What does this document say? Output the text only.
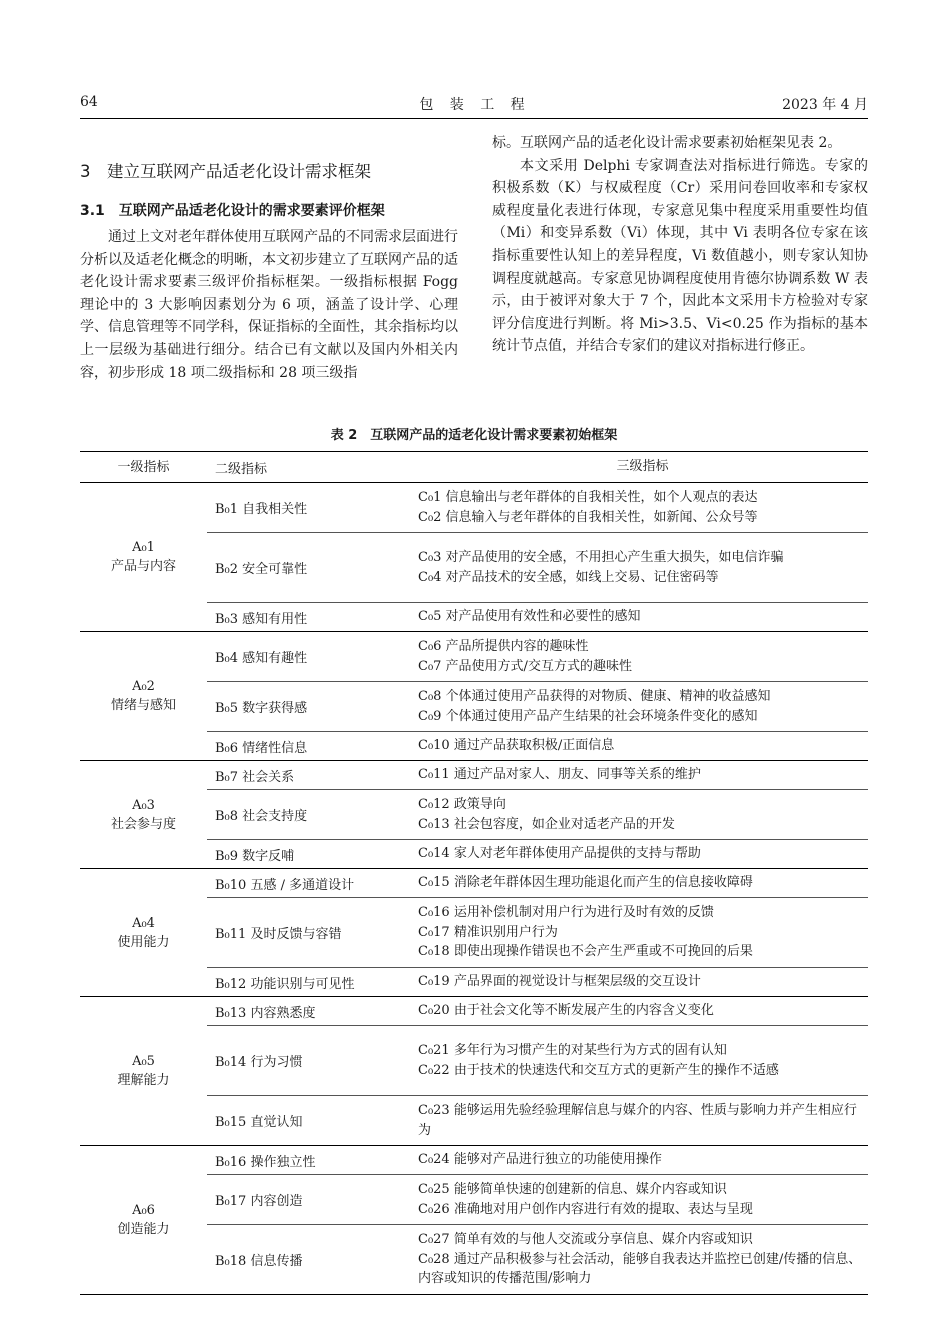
64	包 装 工 程	2023 年 4 月
3　建立互联网产品适老化设计需求框架
3.1　互联网产品适老化设计的需求要素评价框架

通过上文对老年群体使用互联网产品的不同需求层面进行分析以及适老化概念的明晰，本文初步建立了互联网产品的适老化设计需求要素三级评价指标框架。一级指标根据 Fogg 理论中的 3 大影响因素划分为 6 项，涵盖了设计学、心理学、信息管理等不同学科，保证指标的全面性，其余指标均以上一层级为基础进行细分。结合已有文献以及国内外相关内容，初步形成 18 项二级指标和 28 项三级指

标。互联网产品的适老化设计需求要素初始框架见表 2。

本文采用 Delphi 专家调查法对指标进行筛选。专家的积极系数（K）与权威程度（Cr）采用问卷回收率和专家权威程度量化表进行体现，专家意见集中程度采用重要性均值（Mi）和变异系数（Vi）体现，其中 Vi 表明各位专家在该指标重要性认知上的差异程度，Vi 数值越小，则专家认知协调程度就越高。专家意见协调程度使用肯德尔协调系数 W 表示，由于被评对象大于 7 个，因此本文采用卡方检验对专家评分信度进行判断。将 Mi>3.5、Vi<0.25 作为指标的基本统计节点值，并结合专家们的建议对指标进行修正。

表 2　互联网产品的适老化设计需求要素初始框架
一级指标	二级指标	三级指标

A₀1
产品与内容	B₀1 自我相关性	C₀1 信息输出与老年群体的自我相关性，如个人观点的表达
C₀2 信息输入与老年群体的自我相关性，如新闻、公众号等

	B₀2 安全可靠性	C₀3 对产品使用的安全感，不用担心产生重大损失，如电信诈骗
C₀4 对产品技术的安全感，如线上交易、记住密码等

	B₀3 感知有用性	C₀5 对产品使用有效性和必要性的感知

A₀2
情绪与感知	B₀4 感知有趣性	C₀6 产品所提供内容的趣味性
C₀7 产品使用方式/交互方式的趣味性

	B₀5 数字获得感	C₀8 个体通过使用产品获得的对物质、健康、精神的收益感知
C₀9 个体通过使用产品产生结果的社会环境条件变化的感知

	B₀6 情绪性信息	C₀10 通过产品获取积极/正面信息

A₀3
社会参与度	B₀7 社会关系	C₀11 通过产品对家人、朋友、同事等关系的维护

	B₀8 社会支持度	C₀12 政策导向
C₀13 社会包容度，如企业对适老产品的开发

	B₀9 数字反哺	C₀14 家人对老年群体使用产品提供的支持与帮助

A₀4
使用能力	B₀10 五感 / 多通道设计	C₀15 消除老年群体因生理功能退化而产生的信息接收障碍

	B₀11 及时反馈与容错	C₀16 运用补偿机制对用户行为进行及时有效的反馈
C₀17 精准识别用户行为
C₀18 即使出现操作错误也不会产生严重或不可挽回的后果

	B₀12 功能识别与可见性	C₀19 产品界面的视觉设计与框架层级的交互设计

A₀5
理解能力	B₀13 内容熟悉度	C₀20 由于社会文化等不断发展产生的内容含义变化

	B₀14 行为习惯	C₀21 多年行为习惯产生的对某些行为方式的固有认知
C₀22 由于技术的快速迭代和交互方式的更新产生的操作不适感

	B₀15 直觉认知	C₀23 能够运用先验经验理解信息与媒介的内容、性质与影响力并产生相应行为

A₀6
创造能力	B₀16 操作独立性	C₀24 能够对产品进行独立的功能使用操作

	B₀17 内容创造	C₀25 能够简单快速的创建新的信息、媒介内容或知识
C₀26 准确地对用户创作内容进行有效的提取、表达与呈现

	B₀18 信息传播	C₀27 简单有效的与他人交流或分享信息、媒介内容或知识
C₀28 通过产品积极参与社会活动，能够自我表达并监控已创建/传播的信息、内容或知识的传播范围/影响力
